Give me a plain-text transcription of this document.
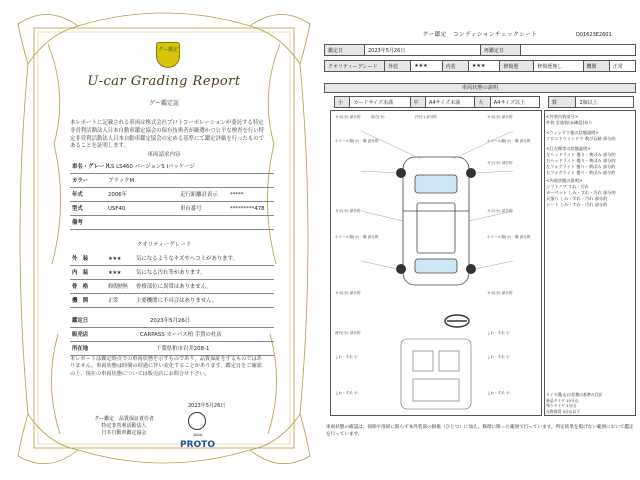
グー鑑定
U-car Grading Report
グー鑑定証
本レポートに記載される車両は株式会社プロトコーポレーションが委託する特定非営利活動法人日本自動車鑑定協会の保有技術者が厳選かつ公平な検査を行い特定非営利活動法人日本自動車鑑定協会の定める基準にて鑑定評価を行ったものであることを証明します。
車両請求内容
車名・グレード
LS LS460 バージョンS Iパッケージ
カラー	ブラックM
年式	2006年	走行距離計表示 *****
型式	USF40	車台番号	*********478
備考
クオリティーグレード
外　装	★★★	気になるようなキズやヘコミがあります。
内　装	★★★	気になる汚れ等があります。
骨　格	修復歴無 骨格部位に異常はありません。
機　関	正常	主要機関に不具合はありません。
鑑定日	2023年5月26日
販売店	CARPASS カーパス柏 手賀の杜店
所在地	千葉県柏市岩井208-1
本レポートは鑑定時点での車両状態を示すものであり、品質保証をするものではありません。車両状態は時間の経過に伴い変化することがあります。鑑定日をご確認の上、現在の車両状態については販売店にお問合せ下さい。
2023年5月26日
グー鑑定　品質保証責任者
特定非営利活動法人
日本自動車鑑定協会	JAAA
PROTO
グー鑑定　コンディションチェックシート	D01623E2601
鑑定日	2023年5月26日	再鑑定日	
クオリティーグレード	外装	★★★	内装	★★★	修復歴	修復歴無し	機関	正常
車両状態の説明
小	カードサイズ未満	中	A4サイズ未満	大	A4サイズ以上	数	2個以上
キズ(小) 部分的	前方(小)	凹(小) 部分的	キズ(小) 部分的
ホイール傷(小)・傷 部分的	ホイール傷(小)・傷 部分的
サビ(小) 部分的
キズ(小) 部分的	キズ(小) 部分的
ホイール傷(小)・傷 部分的	ホイール傷(小)・傷 部分的
キズ(小) 部分的	キズ(小) 部分的
荷台(小) 部分的	しわ・すれ 小
しわ・すれ 小	しわ・すれ 小
しわ・すれ 小	しわ・すれ 小
<外装内装部分>
外装 全塗装(未確認)あり
<ウィンドウ他の状態説明>
フロントウインドウ 飛び石跡 部分的
<灯火類等の状態説明>
左ヘッドライト 曇り・黄ばみ 部分的
右ヘッドライト 曇り・黄ばみ 部分的
左フォグライト 曇り・黄ばみ 部分的
右フォグライト 曇り・黄ばみ 部分的
<内装状態の説明>
シフトノブ すれ・汚れ
カーペット しみ・すれ・汚れ 部分的
天張り しみ・すれ・汚れ 部分的
シート しみ・すれ・汚れ 部分的
タイヤ溝(山)の状態の基準の目安
新品タイヤ 10分山
残りタイヤ 1分山
交換推奨 3分山以下
車両状態の確認は、掃除や清掃に限らず本外装部の損傷（ひとつ）に加え、修理に限った範囲で行っています。判定結果を掲げない範囲において鑑定を行っています。
